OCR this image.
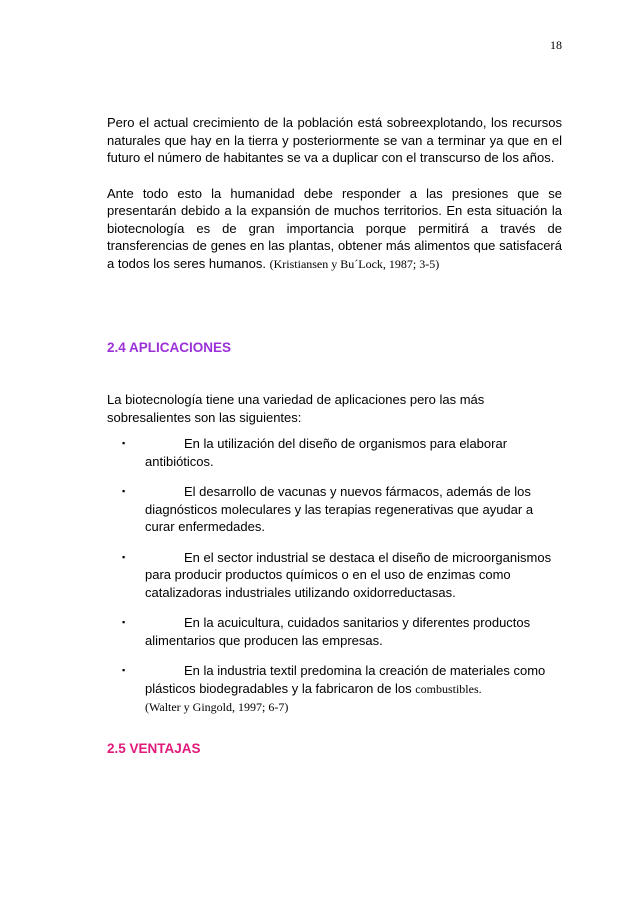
18

Pero el actual crecimiento de la población está sobreexplotando, los recursos naturales que hay en la tierra y posteriormente se van a terminar ya que en el futuro el número de habitantes se va a duplicar con el transcurso de los años.

Ante todo esto la humanidad debe responder a las presiones que se presentarán debido a la expansión de muchos territorios. En esta situación la biotecnología es de gran importancia porque permitirá a través de transferencias de genes en las plantas, obtener más alimentos que satisfacerá a todos los seres humanos. (Kristiansen y Bu´Lock, 1987; 3-5)

2.4 APLICACIONES

La biotecnología tiene una variedad de aplicaciones pero las más sobresalientes son las siguientes:

▪	En la utilización del diseño de organismos para elaborar antibióticos.
▪	El desarrollo de vacunas y nuevos fármacos, además de los diagnósticos moleculares y las terapias regenerativas que ayudar a curar enfermedades.
▪	En el sector industrial se destaca el diseño de microorganismos para producir productos químicos o en el uso de enzimas como catalizadoras industriales utilizando oxidorreductasas.
▪	En la acuicultura, cuidados sanitarios y diferentes productos alimentarios que producen las empresas.
▪	En la industria textil predomina la creación de materiales como plásticos biodegradables y la fabricaron de los combustibles.
(Walter y Gingold, 1997; 6-7)
2.5 VENTAJAS
